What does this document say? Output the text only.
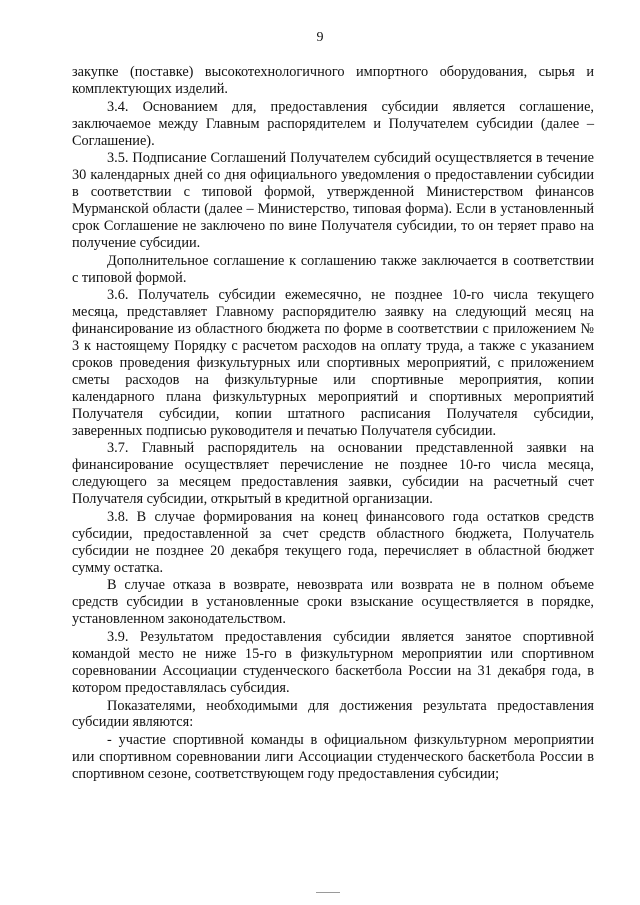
9

закупке (поставке) высокотехнологичного импортного оборудования, сырья и комплектующих изделий.

3.4. Основанием для, предоставления субсидии является соглашение, заключаемое между Главным распорядителем и Получателем субсидии (далее – Соглашение).

3.5. Подписание Соглашений Получателем субсидий осуществляется в течение 30 календарных дней со дня официального уведомления о предоставлении субсидии в соответствии с типовой формой, утвержденной Министерством финансов Мурманской области (далее – Министерство, типовая форма). Если в установленный срок Соглашение не заключено по вине Получателя субсидии, то он теряет право на получение субсидии.

Дополнительное соглашение к соглашению также заключается в соответствии с типовой формой.

3.6. Получатель субсидии ежемесячно, не позднее 10-го числа текущего месяца, представляет Главному распорядителю заявку на следующий месяц на финансирование из областного бюджета по форме в соответствии с приложением № 3 к настоящему Порядку с расчетом расходов на оплату труда, а также с указанием сроков проведения физкультурных или спортивных мероприятий, с приложением сметы расходов на физкультурные или спортивные мероприятия, копии календарного плана физкультурных мероприятий и спортивных мероприятий Получателя субсидии, копии штатного расписания Получателя субсидии, заверенных подписью руководителя и печатью Получателя субсидии.

3.7. Главный распорядитель на основании представленной заявки на финансирование осуществляет перечисление не позднее 10-го числа месяца, следующего за месяцем предоставления заявки, субсидии на расчетный счет Получателя субсидии, открытый в кредитной организации.

3.8. В случае формирования на конец финансового года остатков средств субсидии, предоставленной за счет средств областного бюджета, Получатель субсидии не позднее 20 декабря текущего года, перечисляет в областной бюджет сумму остатка.

В случае отказа в возврате, невозврата или возврата не в полном объеме средств субсидии в установленные сроки взыскание осуществляется в порядке, установленном законодательством.

3.9. Результатом предоставления субсидии является занятое спортивной командой место не ниже 15-го в физкультурном мероприятии или спортивном соревновании Ассоциации студенческого баскетбола России на 31 декабря года, в котором предоставлялась субсидия.

Показателями, необходимыми для достижения результата предоставления субсидии являются:

- участие спортивной команды в официальном физкультурном мероприятии или спортивном соревновании лиги Ассоциации студенческого баскетбола России в спортивном сезоне, соответствующем году предоставления субсидии;
